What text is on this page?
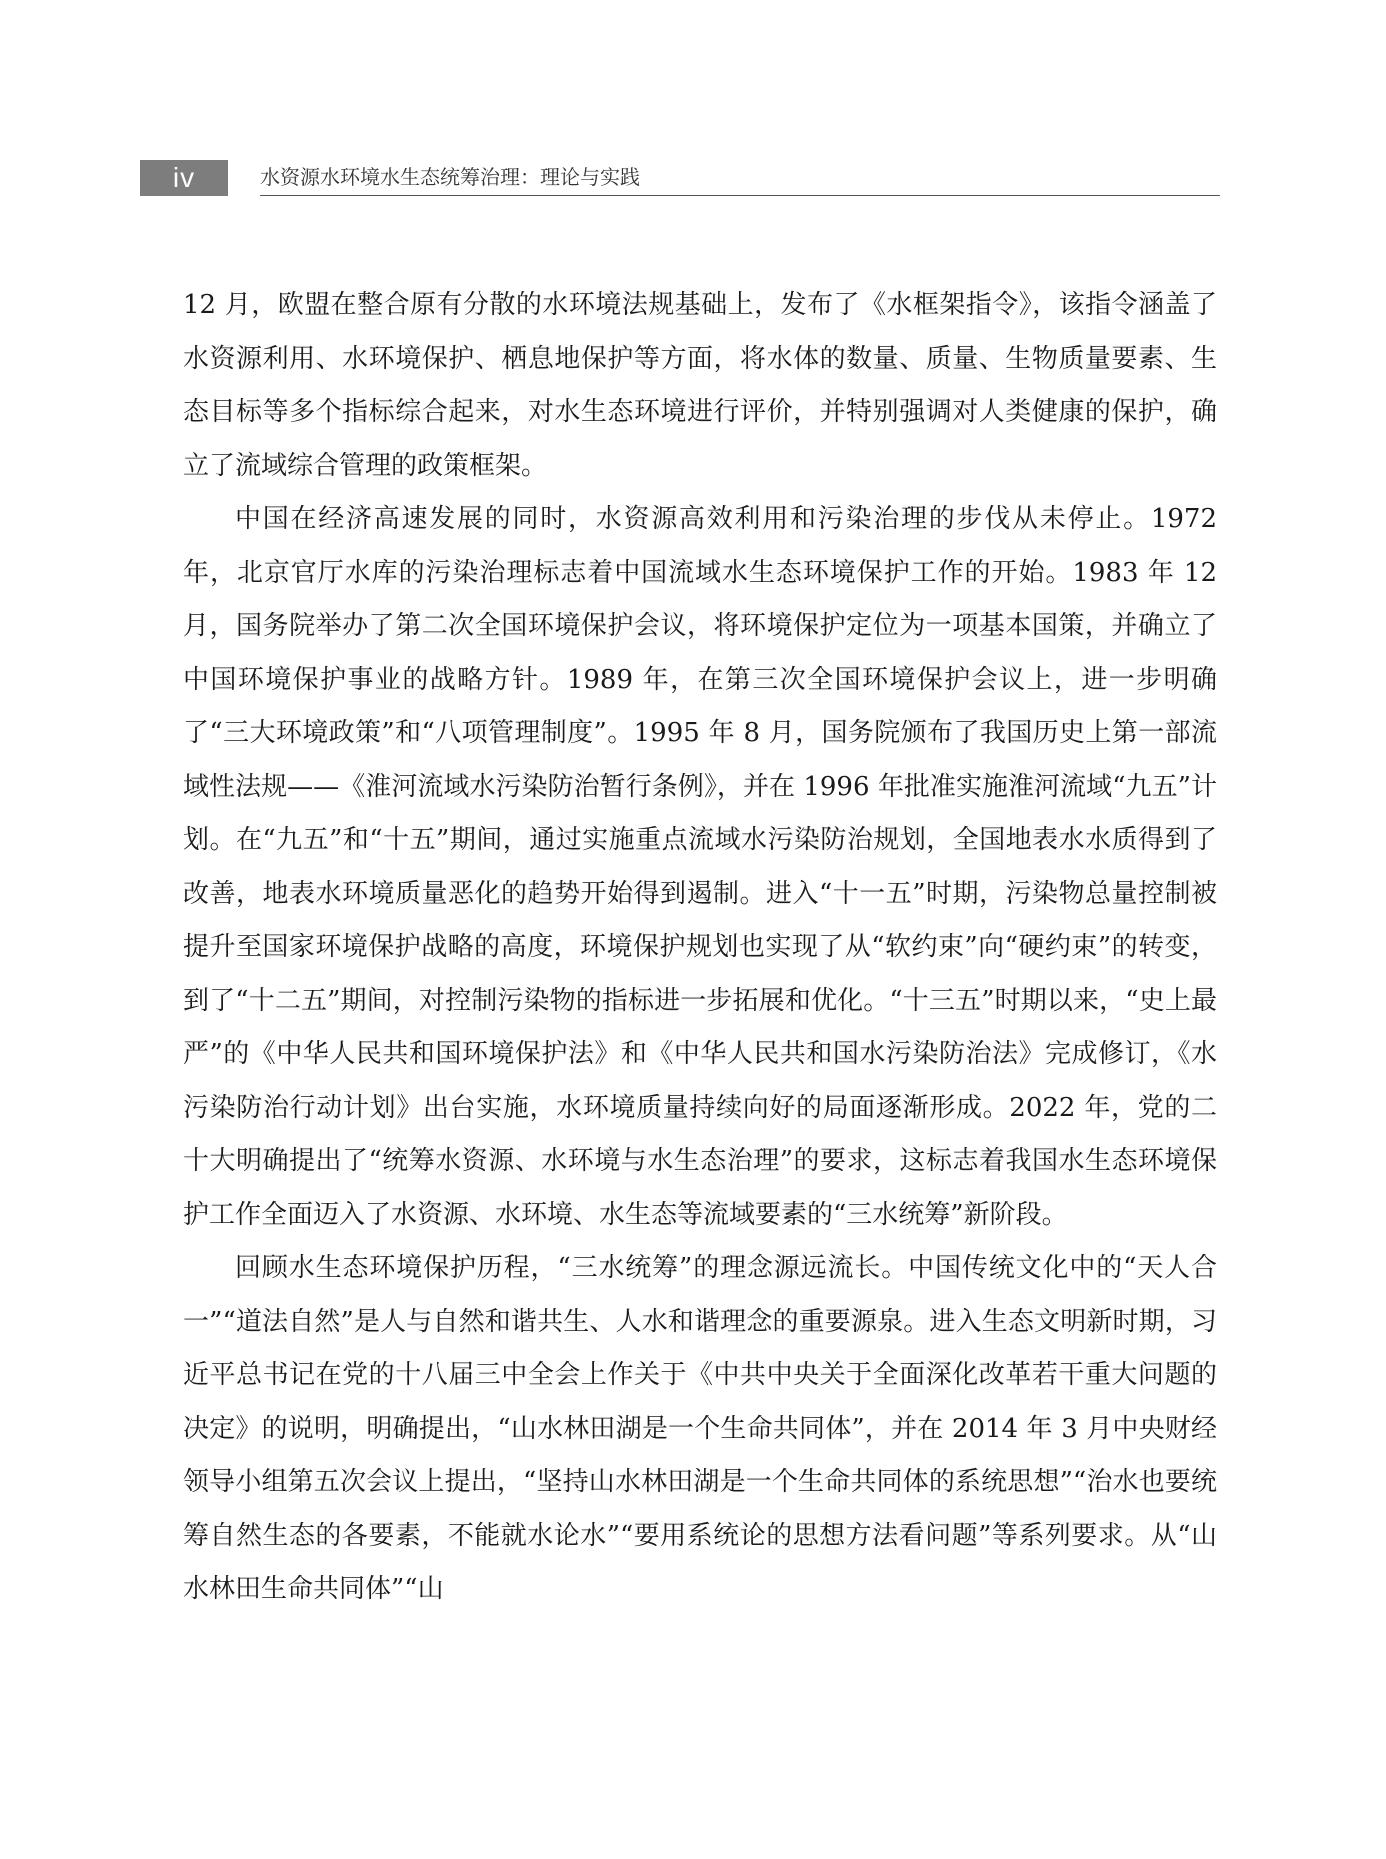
iv	水资源水环境水生态统筹治理：理论与实践

12 月，欧盟在整合原有分散的水环境法规基础上，发布了《水框架指令》，该指令涵盖了水资源利用、水环境保护、栖息地保护等方面，将水体的数量、质量、生物质量要素、生态目标等多个指标综合起来，对水生态环境进行评价，并特别强调对人类健康的保护，确立了流域综合管理的政策框架。

中国在经济高速发展的同时，水资源高效利用和污染治理的步伐从未停止。1972 年，北京官厅水库的污染治理标志着中国流域水生态环境保护工作的开始。1983 年 12 月，国务院举办了第二次全国环境保护会议，将环境保护定位为一项基本国策，并确立了中国环境保护事业的战略方针。1989 年，在第三次全国环境保护会议上，进一步明确了“三大环境政策”和“八项管理制度”。1995 年 8 月，国务院颁布了我国历史上第一部流域性法规——《淮河流域水污染防治暂行条例》，并在 1996 年批准实施淮河流域“九五”计划。在“九五”和“十五”期间，通过实施重点流域水污染防治规划，全国地表水水质得到了改善，地表水环境质量恶化的趋势开始得到遏制。进入“十一五”时期，污染物总量控制被提升至国家环境保护战略的高度，环境保护规划也实现了从“软约束”向“硬约束”的转变，到了“十二五”期间，对控制污染物的指标进一步拓展和优化。“十三五”时期以来，“史上最严”的《中华人民共和国环境保护法》和《中华人民共和国水污染防治法》完成修订，《水污染防治行动计划》出台实施，水环境质量持续向好的局面逐渐形成。2022 年，党的二十大明确提出了“统筹水资源、水环境与水生态治理”的要求，这标志着我国水生态环境保护工作全面迈入了水资源、水环境、水生态等流域要素的“三水统筹”新阶段。

回顾水生态环境保护历程，“三水统筹”的理念源远流长。中国传统文化中的“天人合一”“道法自然”是人与自然和谐共生、人水和谐理念的重要源泉。进入生态文明新时期，习近平总书记在党的十八届三中全会上作关于《中共中央关于全面深化改革若干重大问题的决定》的说明，明确提出，“山水林田湖是一个生命共同体”，并在 2014 年 3 月中央财经领导小组第五次会议上提出，“坚持山水林田湖是一个生命共同体的系统思想”“治水也要统筹自然生态的各要素，不能就水论水”“要用系统论的思想方法看问题”等系列要求。从“山水林田生命共同体”“山
